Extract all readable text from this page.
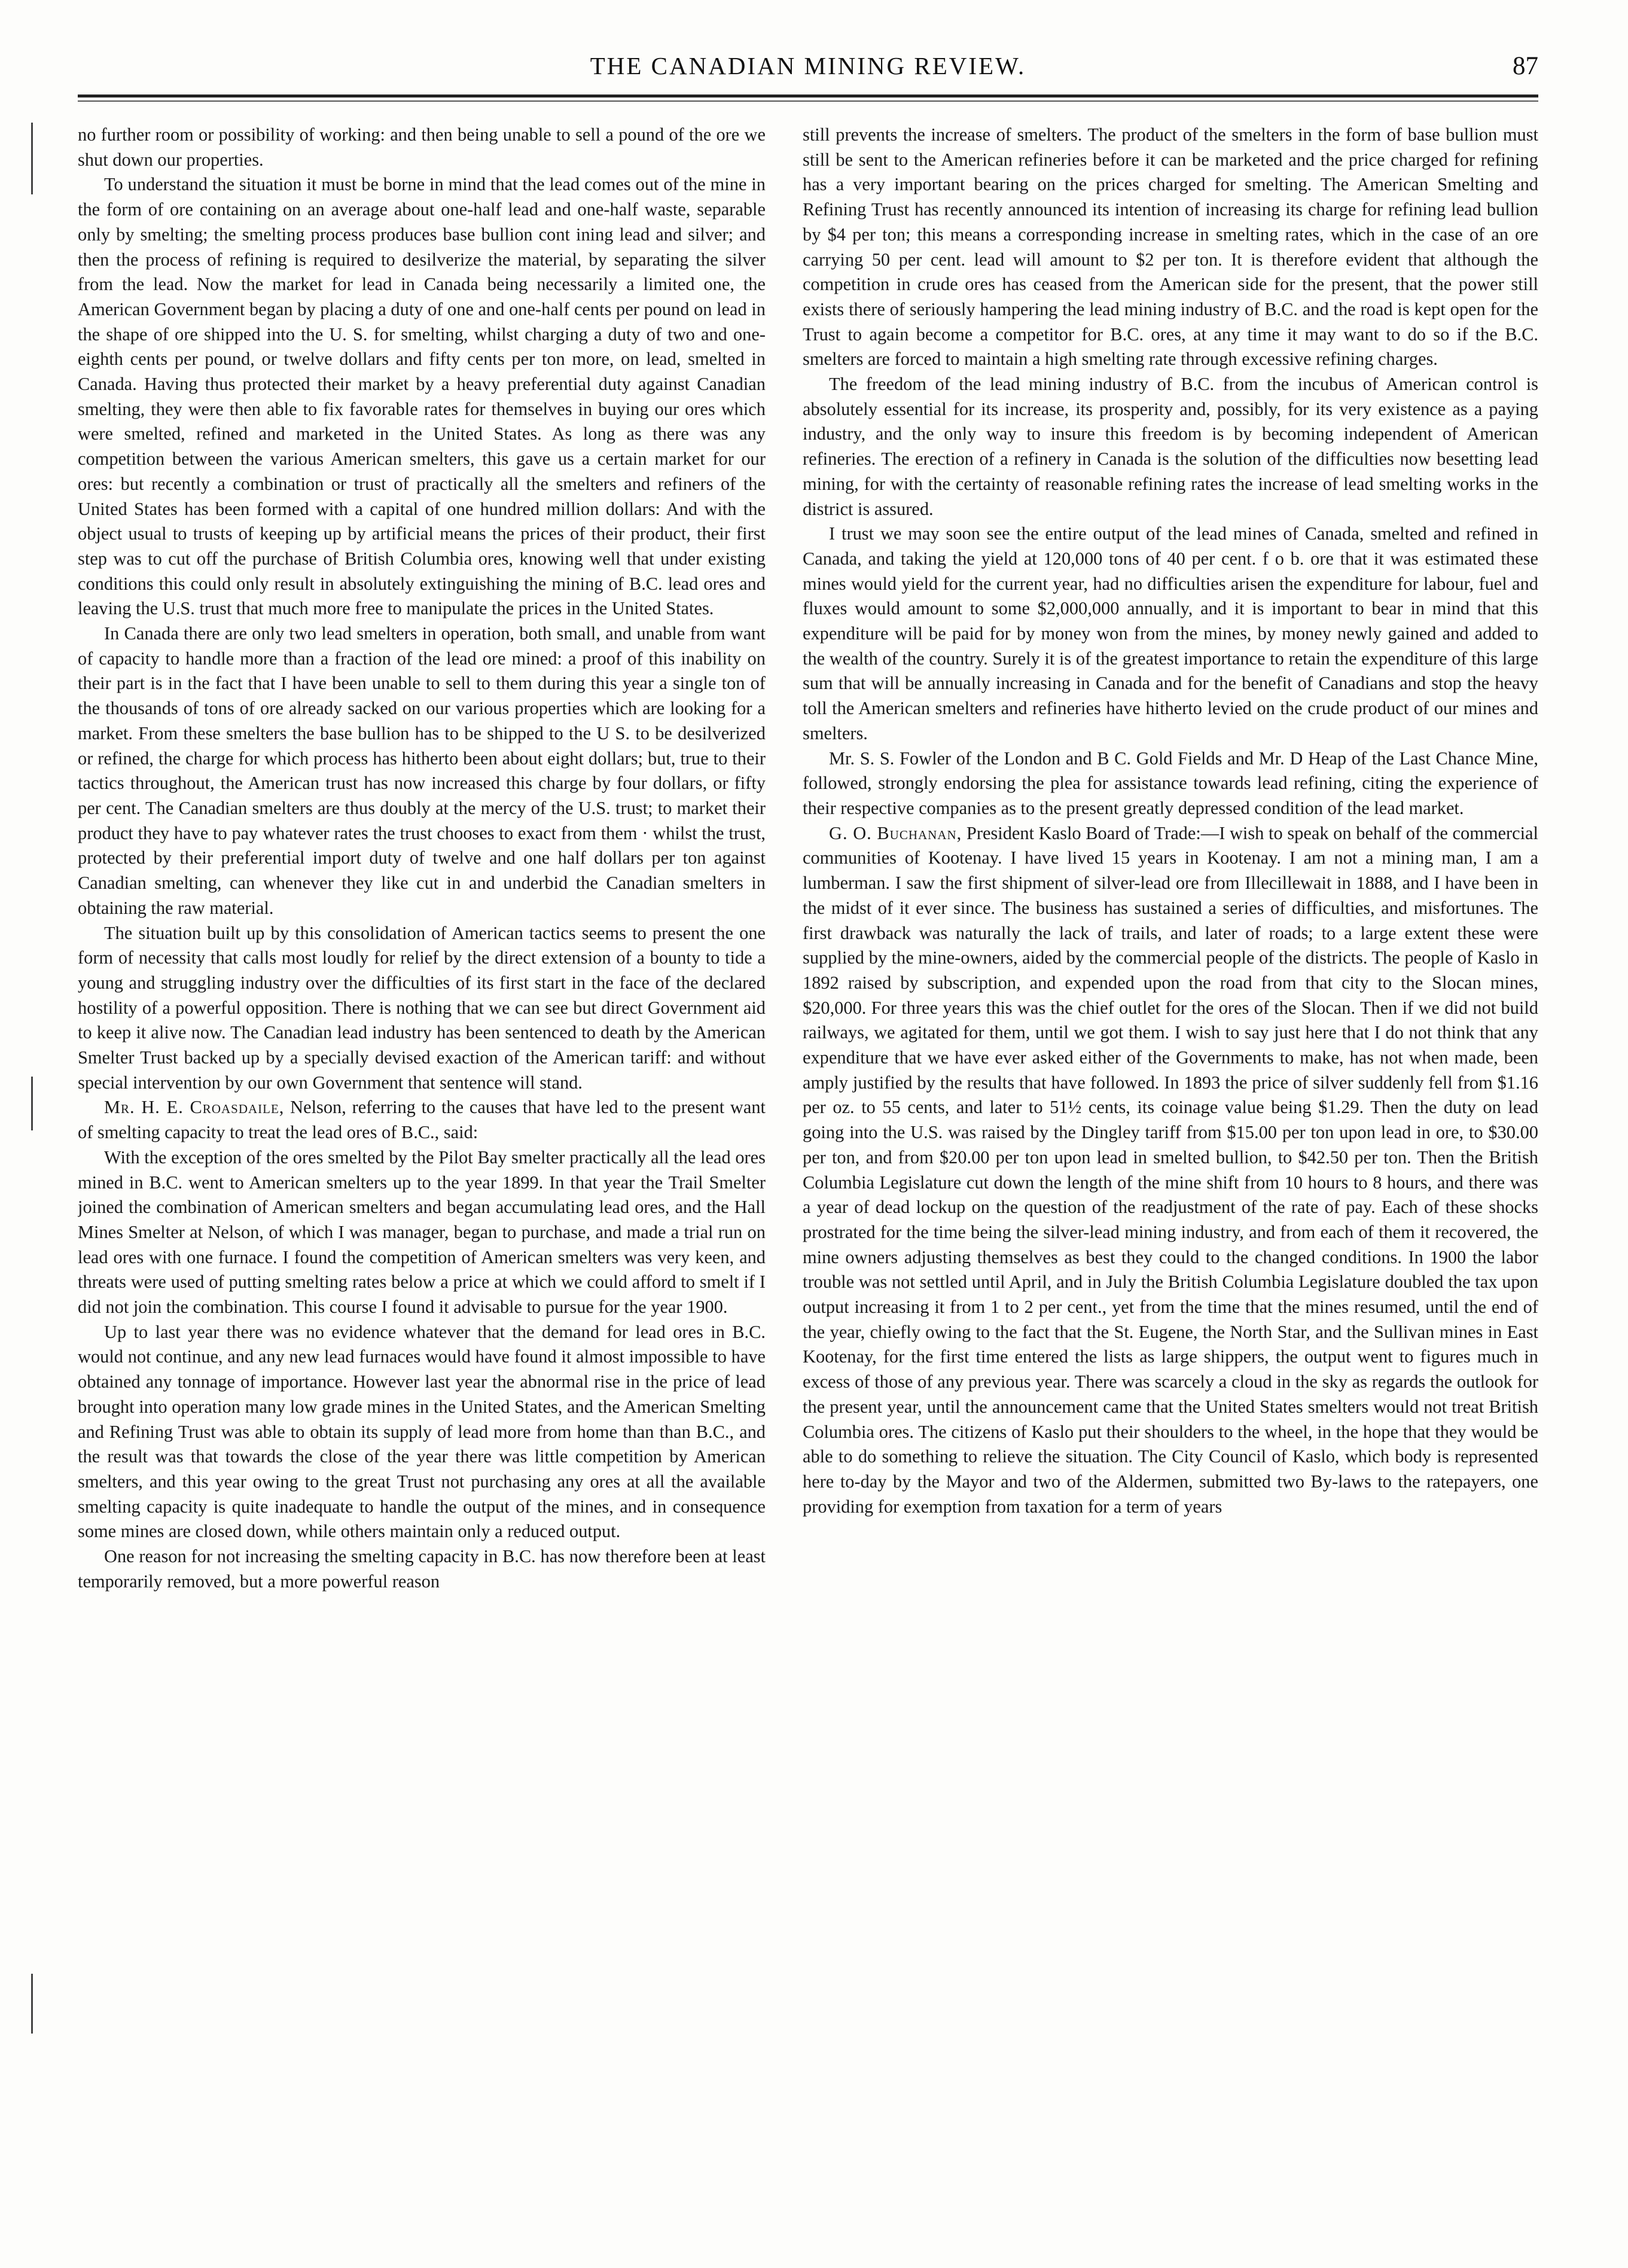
THE CANADIAN MINING REVIEW.	87

no further room or possibility of working: and then being unable to sell a pound of the ore we shut down our properties.

To understand the situation it must be borne in mind that the lead comes out of the mine in the form of ore containing on an average about one-half lead and one-half waste, separable only by smelting; the smelting process produces base bullion cont ining lead and silver; and then the process of refining is required to desilverize the material, by separating the silver from the lead. Now the market for lead in Canada being necessarily a limited one, the American Government began by placing a duty of one and one-half cents per pound on lead in the shape of ore shipped into the U. S. for smelting, whilst charging a duty of two and one-eighth cents per pound, or twelve dollars and fifty cents per ton more, on lead, smelted in Canada. Having thus protected their market by a heavy preferential duty against Canadian smelting, they were then able to fix favorable rates for themselves in buying our ores which were smelted, refined and marketed in the United States. As long as there was any competition between the various American smelters, this gave us a certain market for our ores: but recently a combination or trust of practically all the smelters and refiners of the United States has been formed with a capital of one hundred million dollars: And with the object usual to trusts of keeping up by artificial means the prices of their product, their first step was to cut off the purchase of British Columbia ores, knowing well that under existing conditions this could only result in absolutely extinguishing the mining of B.C. lead ores and leaving the U.S. trust that much more free to manipulate the prices in the United States.

In Canada there are only two lead smelters in operation, both small, and unable from want of capacity to handle more than a fraction of the lead ore mined: a proof of this inability on their part is in the fact that I have been unable to sell to them during this year a single ton of the thousands of tons of ore already sacked on our various properties which are looking for a market. From these smelters the base bullion has to be shipped to the U S. to be desilverized or refined, the charge for which process has hitherto been about eight dollars; but, true to their tactics throughout, the American trust has now increased this charge by four dollars, or fifty per cent. The Canadian smelters are thus doubly at the mercy of the U.S. trust; to market their product they have to pay whatever rates the trust chooses to exact from them · whilst the trust, protected by their preferential import duty of twelve and one half dollars per ton against Canadian smelting, can whenever they like cut in and underbid the Canadian smelters in obtaining the raw material.

The situation built up by this consolidation of American tactics seems to present the one form of necessity that calls most loudly for relief by the direct extension of a bounty to tide a young and struggling industry over the difficulties of its first start in the face of the declared hostility of a powerful opposition. There is nothing that we can see but direct Government aid to keep it alive now. The Canadian lead industry has been sentenced to death by the American Smelter Trust backed up by a specially devised exaction of the American tariff: and without special intervention by our own Government that sentence will stand.

Mr. H. E. Croasdaile, Nelson, referring to the causes that have led to the present want of smelting capacity to treat the lead ores of B.C., said:

With the exception of the ores smelted by the Pilot Bay smelter practically all the lead ores mined in B.C. went to American smelters up to the year 1899. In that year the Trail Smelter joined the combination of American smelters and began accumulating lead ores, and the Hall Mines Smelter at Nelson, of which I was manager, began to purchase, and made a trial run on lead ores with one furnace. I found the competition of American smelters was very keen, and threats were used of putting smelting rates below a price at which we could afford to smelt if I did not join the combination. This course I found it advisable to pursue for the year 1900.

Up to last year there was no evidence whatever that the demand for lead ores in B.C. would not continue, and any new lead furnaces would have found it almost impossible to have obtained any tonnage of importance. However last year the abnormal rise in the price of lead brought into operation many low grade mines in the United States, and the American Smelting and Refining Trust was able to obtain its supply of lead more from home than than B.C., and the result was that towards the close of the year there was little competition by American smelters, and this year owing to the great Trust not purchasing any ores at all the available smelting capacity is quite inadequate to handle the output of the mines, and in consequence some mines are closed down, while others maintain only a reduced output.

One reason for not increasing the smelting capacity in B.C. has now therefore been at least temporarily removed, but a more powerful reason

still prevents the increase of smelters. The product of the smelters in the form of base bullion must still be sent to the American refineries before it can be marketed and the price charged for refining has a very important bearing on the prices charged for smelting. The American Smelting and Refining Trust has recently announced its intention of increasing its charge for refining lead bullion by $4 per ton; this means a corresponding increase in smelting rates, which in the case of an ore carrying 50 per cent. lead will amount to $2 per ton. It is therefore evident that although the competition in crude ores has ceased from the American side for the present, that the power still exists there of seriously hampering the lead mining industry of B.C. and the road is kept open for the Trust to again become a competitor for B.C. ores, at any time it may want to do so if the B.C. smelters are forced to maintain a high smelting rate through excessive refining charges.

The freedom of the lead mining industry of B.C. from the incubus of American control is absolutely essential for its increase, its prosperity and, possibly, for its very existence as a paying industry, and the only way to insure this freedom is by becoming independent of American refineries. The erection of a refinery in Canada is the solution of the difficulties now besetting lead mining, for with the certainty of reasonable refining rates the increase of lead smelting works in the district is assured.

I trust we may soon see the entire output of the lead mines of Canada, smelted and refined in Canada, and taking the yield at 120,000 tons of 40 per cent. f o b. ore that it was estimated these mines would yield for the current year, had no difficulties arisen the expenditure for labour, fuel and fluxes would amount to some $2,000,000 annually, and it is important to bear in mind that this expenditure will be paid for by money won from the mines, by money newly gained and added to the wealth of the country. Surely it is of the greatest importance to retain the expenditure of this large sum that will be annually increasing in Canada and for the benefit of Canadians and stop the heavy toll the American smelters and refineries have hitherto levied on the crude product of our mines and smelters.

Mr. S. S. Fowler of the London and B C. Gold Fields and Mr. D Heap of the Last Chance Mine, followed, strongly endorsing the plea for assistance towards lead refining, citing the experience of their respective companies as to the present greatly depressed condition of the lead market.

G. O. Buchanan, President Kaslo Board of Trade:—I wish to speak on behalf of the commercial communities of Kootenay. I have lived 15 years in Kootenay. I am not a mining man, I am a lumberman. I saw the first shipment of silver-lead ore from Illecillewait in 1888, and I have been in the midst of it ever since. The business has sustained a series of difficulties, and misfortunes. The first drawback was naturally the lack of trails, and later of roads; to a large extent these were supplied by the mine-owners, aided by the commercial people of the districts. The people of Kaslo in 1892 raised by subscription, and expended upon the road from that city to the Slocan mines, $20,000. For three years this was the chief outlet for the ores of the Slocan. Then if we did not build railways, we agitated for them, until we got them. I wish to say just here that I do not think that any expenditure that we have ever asked either of the Governments to make, has not when made, been amply justified by the results that have followed. In 1893 the price of silver suddenly fell from $1.16 per oz. to 55 cents, and later to 51½ cents, its coinage value being $1.29. Then the duty on lead going into the U.S. was raised by the Dingley tariff from $15.00 per ton upon lead in ore, to $30.00 per ton, and from $20.00 per ton upon lead in smelted bullion, to $42.50 per ton. Then the British Columbia Legislature cut down the length of the mine shift from 10 hours to 8 hours, and there was a year of dead lockup on the question of the readjustment of the rate of pay. Each of these shocks prostrated for the time being the silver-lead mining industry, and from each of them it recovered, the mine owners adjusting themselves as best they could to the changed conditions. In 1900 the labor trouble was not settled until April, and in July the British Columbia Legislature doubled the tax upon output increasing it from 1 to 2 per cent., yet from the time that the mines resumed, until the end of the year, chiefly owing to the fact that the St. Eugene, the North Star, and the Sullivan mines in East Kootenay, for the first time entered the lists as large shippers, the output went to figures much in excess of those of any previous year. There was scarcely a cloud in the sky as regards the outlook for the present year, until the announcement came that the United States smelters would not treat British Columbia ores. The citizens of Kaslo put their shoulders to the wheel, in the hope that they would be able to do something to relieve the situation. The City Council of Kaslo, which body is represented here to-day by the Mayor and two of the Aldermen, submitted two By-laws to the ratepayers, one providing for exemption from taxation for a term of years
